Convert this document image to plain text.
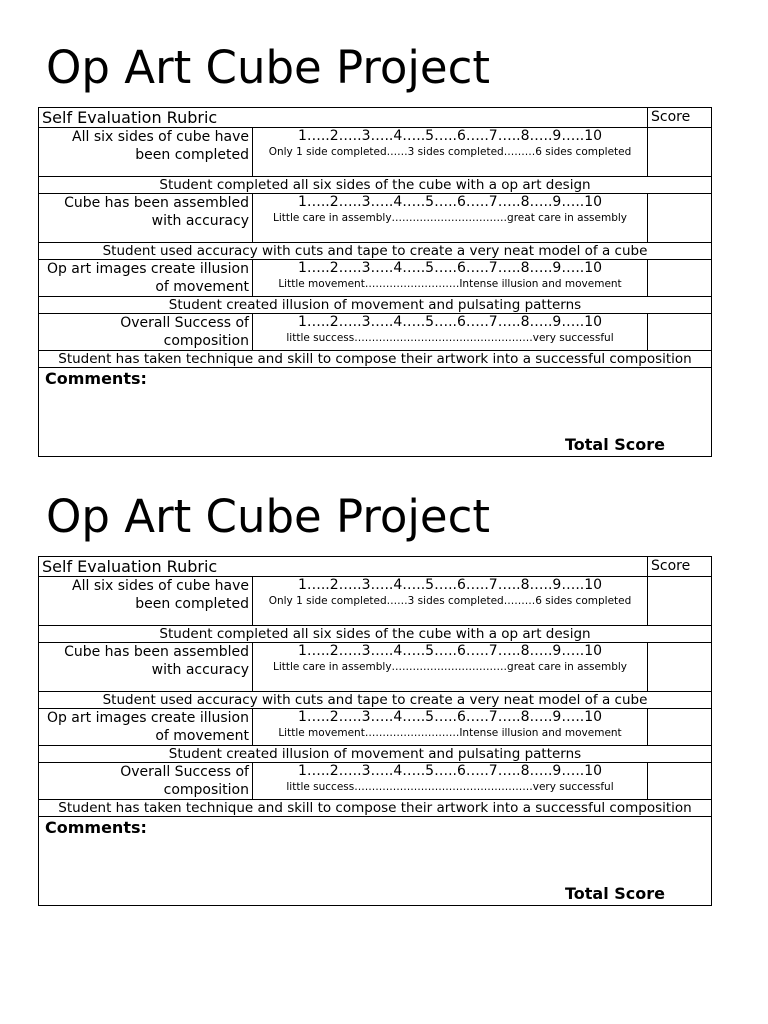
Op Art Cube Project
Self Evaluation Rubric		Score
All six sides of cube have been completed	1…..2…..3…..4…..5…..6…..7…..8…..9…..10
Only 1 side completed……3 sides completed………6 sides completed	

Student completed all six sides of the cube with a op art design		
Cube has been assembled with accuracy	1…..2…..3…..4…..5…..6…..7…..8…..9…..10
Little care in assembly……………………………great care in assembly	

Student used accuracy with cuts and tape to create a very neat model of a cube		
Op art images create illusion of movement	1…..2…..3…..4…..5…..6…..7…..8…..9…..10
Little movement………………………Intense illusion and movement	

Student created illusion of movement and pulsating patterns		
Overall Success of composition	1…..2…..3…..4…..5…..6…..7…..8…..9…..10
little success……………………………………………very successful	

Student has taken technique and skill to compose their artwork into a successful composition		

Comments:
Total Score		
Op Art Cube Project
Self Evaluation Rubric		Score
All six sides of cube have been completed	1…..2…..3…..4…..5…..6…..7…..8…..9…..10
Only 1 side completed……3 sides completed………6 sides completed	

Student completed all six sides of the cube with a op art design		
Cube has been assembled with accuracy	1…..2…..3…..4…..5…..6…..7…..8…..9…..10
Little care in assembly……………………………great care in assembly	

Student used accuracy with cuts and tape to create a very neat model of a cube		
Op art images create illusion of movement	1…..2…..3…..4…..5…..6…..7…..8…..9…..10
Little movement………………………Intense illusion and movement	

Student created illusion of movement and pulsating patterns		
Overall Success of composition	1…..2…..3…..4…..5…..6…..7…..8…..9…..10
little success……………………………………………very successful	

Student has taken technique and skill to compose their artwork into a successful composition		

Comments:
Total Score		
